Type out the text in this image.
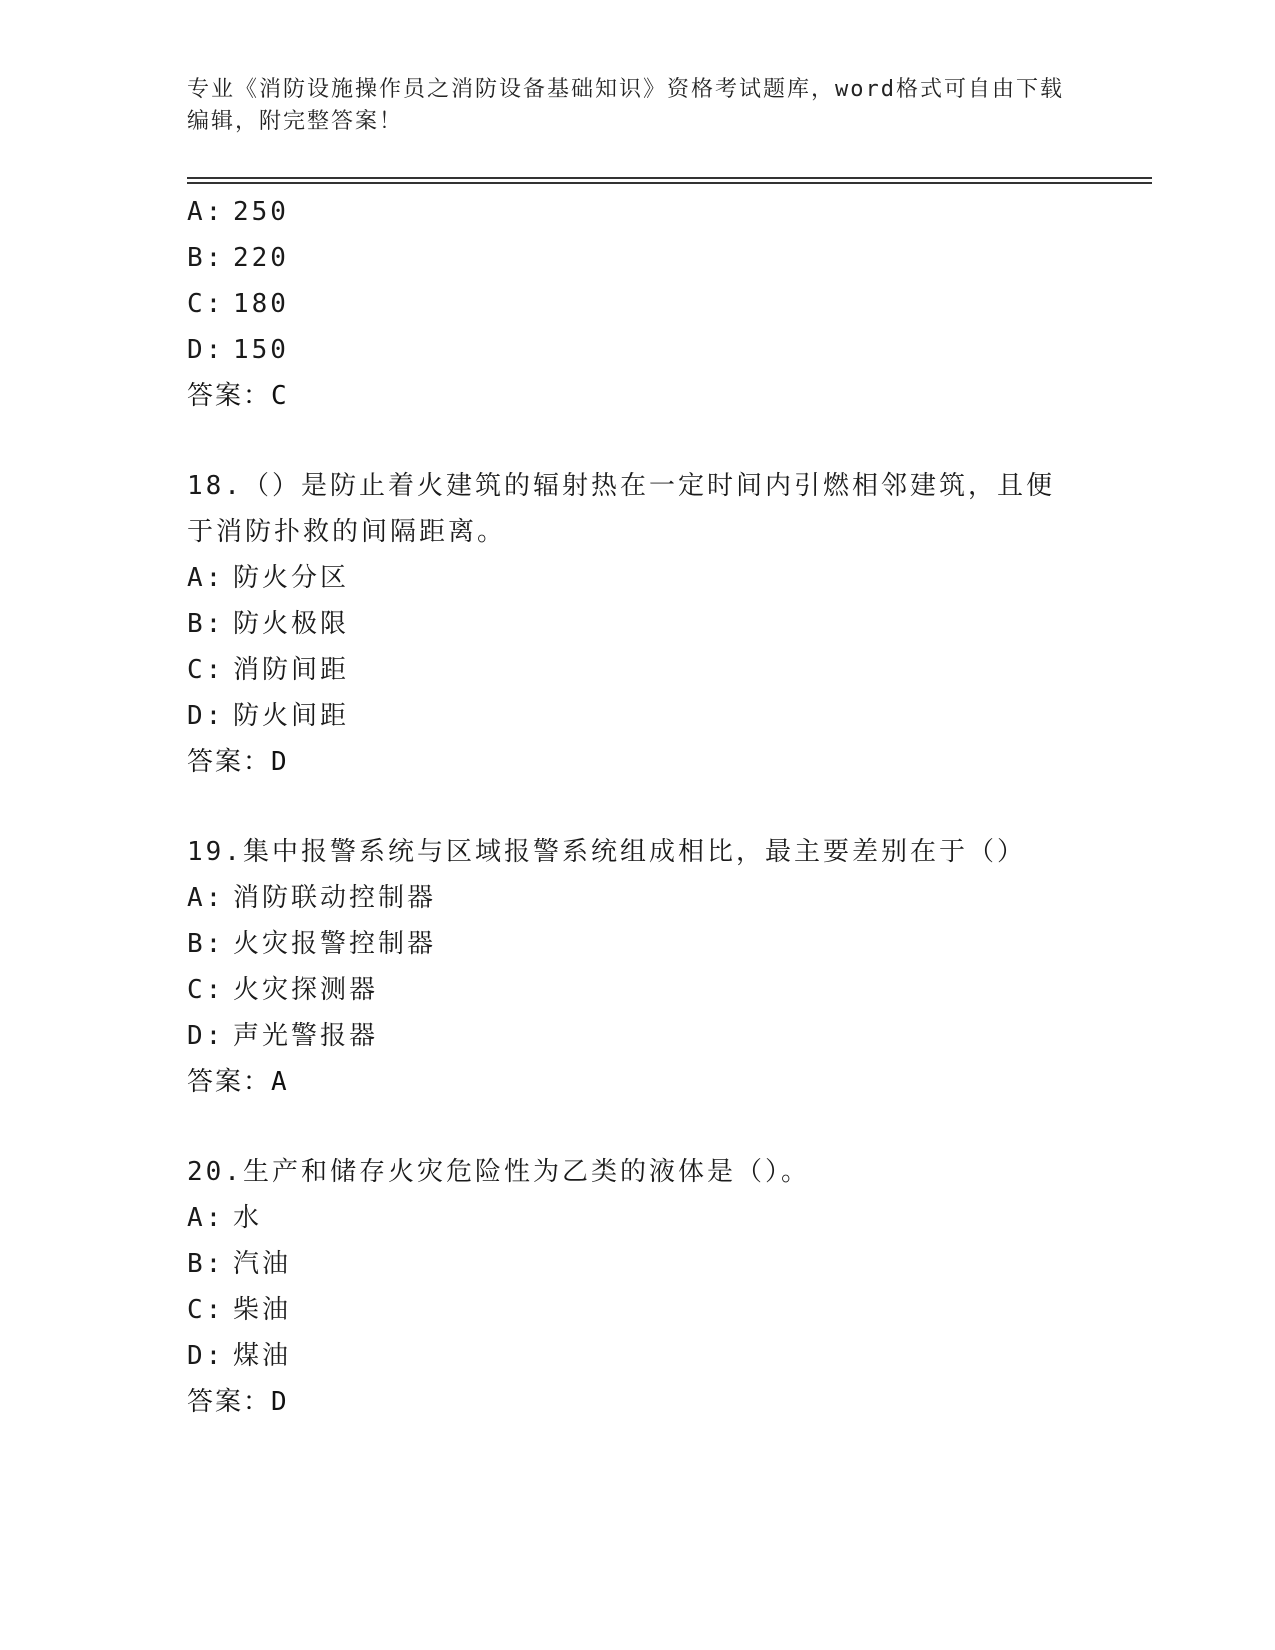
专业《消防设施操作员之消防设备基础知识》资格考试题库，word格式可自由下载编辑，附完整答案！
A: 250
B: 220
C: 180
D: 150
答案：C
18.（）是防止着火建筑的辐射热在一定时间内引燃相邻建筑，且便于消防扑救的间隔距离。
A: 防火分区
B: 防火极限
C: 消防间距
D: 防火间距
答案：D
19.集中报警系统与区域报警系统组成相比，最主要差别在于（）
A: 消防联动控制器
B: 火灾报警控制器
C: 火灾探测器
D: 声光警报器
答案：A
20.生产和储存火灾危险性为乙类的液体是（）。
A: 水
B: 汽油
C: 柴油
D: 煤油
答案：D
